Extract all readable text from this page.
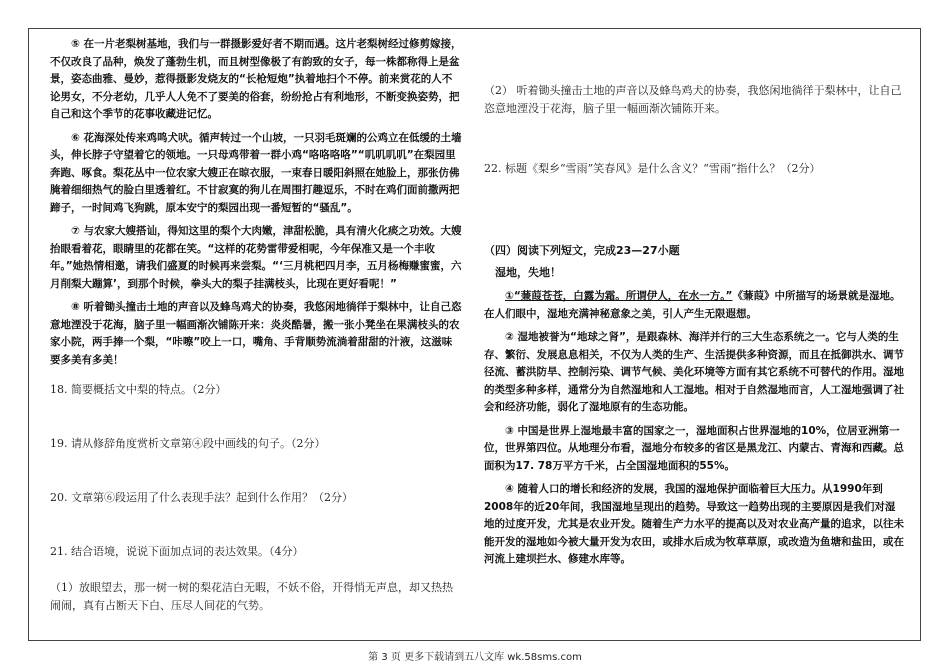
⑤ 在一片老梨树基地，我们与一群摄影爱好者不期而遇。这片老梨树经过修剪嫁接，不仅改良了品种，焕发了蓬勃生机，而且树型像极了有韵致的女子，每一株都称得上是盆景，姿态曲雅、曼妙，惹得摄影发烧友的“长枪短炮”执着地扫个不停。前来赏花的人不论男女，不分老幼，几乎人人免不了要美的俗套，纷纷抢占有利地形，不断变换姿势，把自己和这个季节的花事收藏进记忆。

⑥ 花海深处传来鸡鸣犬吠。循声转过一个山坡，一只羽毛斑斓的公鸡立在低缓的土墙头，伸长脖子守望着它的领地。一只母鸡带着一群小鸡“咯咯咯咯”“叽叽叽叽”在梨园里奔跑、啄食。梨花丛中一位农家大嫂正在晾衣服，一束春日暖阳斜照在她脸上，那张仿佛腌着细细热气的脸白里透着红。不甘寂寞的狗儿在周围打趣逗乐，不时在鸡们面前撒两把蹄子，一时间鸡飞狗跳，原本安宁的梨园出现一番短暂的“骚乱”。

⑦ 与农家大嫂搭讪，得知这里的梨个大肉嫩，津甜松脆，具有清火化痰之功效。大嫂抬眼看着花，眼睛里的花都在笑。“这样的花势雷带爱相呢，今年保准又是一个丰收年。”她热情相邀，请我们盛夏的时候再来尝梨。“‘三月桃杷四月李，五月杨梅赚蜜蜜，六月削梨大蹦算’，到那个时候，拳头大的梨子挂满枝头，比现在更好看呢！”

⑧ 听着锄头撞击土地的声音以及蜂鸟鸡犬的协奏，我悠闲地徜徉于梨林中，让自己恣意地湮没于花海，脑子里一幅画渐次铺陈开来：炎炎酷暑，搬一张小凳坐在果满枝头的农家小院，两手捧一个梨，“咔嚓”咬上一口，嘴角、手背顺势流淌着甜甜的汁液，这滋味要多美有多美！

18. 简要概括文中梨的特点。（2分）

19. 请从修辞角度赏析文章第④段中画线的句子。（2分）

20. 文章第⑥段运用了什么表现手法？起到什么作用？（2分）

21. 结合语境，说说下面加点词的表达效果。（4分）

（1）放眼望去，那一树一树的梨花洁白无暇，不妖不俗，开得悄无声息，却又热热闹闹，真有占断天下白、压尽人间花的气势。

（2） 听着锄头撞击土地的声音以及蜂鸟鸡犬的协奏，我悠闲地徜徉于梨林中，让自己恣意地湮没于花海，脑子里一幅画渐次铺陈开来。

22. 标题《梨乡“雪雨”笑春风》是什么含义？“雪雨”指什么？（2分）

（四）阅读下列短文，完成23—27小题

湿地，失地！

①“蒹葭苍苍，白露为霜。所谓伊人，在水一方。”《蒹葭》中所描写的场景就是湿地。在人们眼中，湿地充满神秘意象之美，引人产生无限遐想。

② 湿地被誉为“地球之肾”，是跟森林、海洋并行的三大生态系统之一。它与人类的生存、繁衍、发展息息相关，不仅为人类的生产、生活提供多种资源，而且在抵御洪水、调节径流、蓄洪防旱、控制污染、调节气候、美化环境等方面有其它系统不可替代的作用。湿地的类型多种多样，通常分为自然湿地和人工湿地。相对于自然湿地而言，人工湿地强调了社会和经济功能，弱化了湿地原有的生态功能。

③ 中国是世界上湿地最丰富的国家之一，湿地面积占世界湿地的10%，位居亚洲第一位，世界第四位。从地理分布看，湿地分布较多的省区是黑龙江、内蒙古、青海和西藏。总面积为17. 78万平方千米，占全国湿地面积的55%。

④ 随着人口的增长和经济的发展，我国的湿地保护面临着巨大压力。从1990年到2008年的近20年间，我国湿地呈现出的趋势。导致这一趋势出现的主要原因是我们对湿地的过度开发，尤其是农业开发。随着生产力水平的提高以及对农业高产量的追求，以往未能开发的湿地如今被大量开发为农田，或排水后成为牧草草原，或改造为鱼塘和盐田，或在河流上建坝拦水、修建水库等。

第 3 页 更多下载请到五八文库 wk.58sms.com
